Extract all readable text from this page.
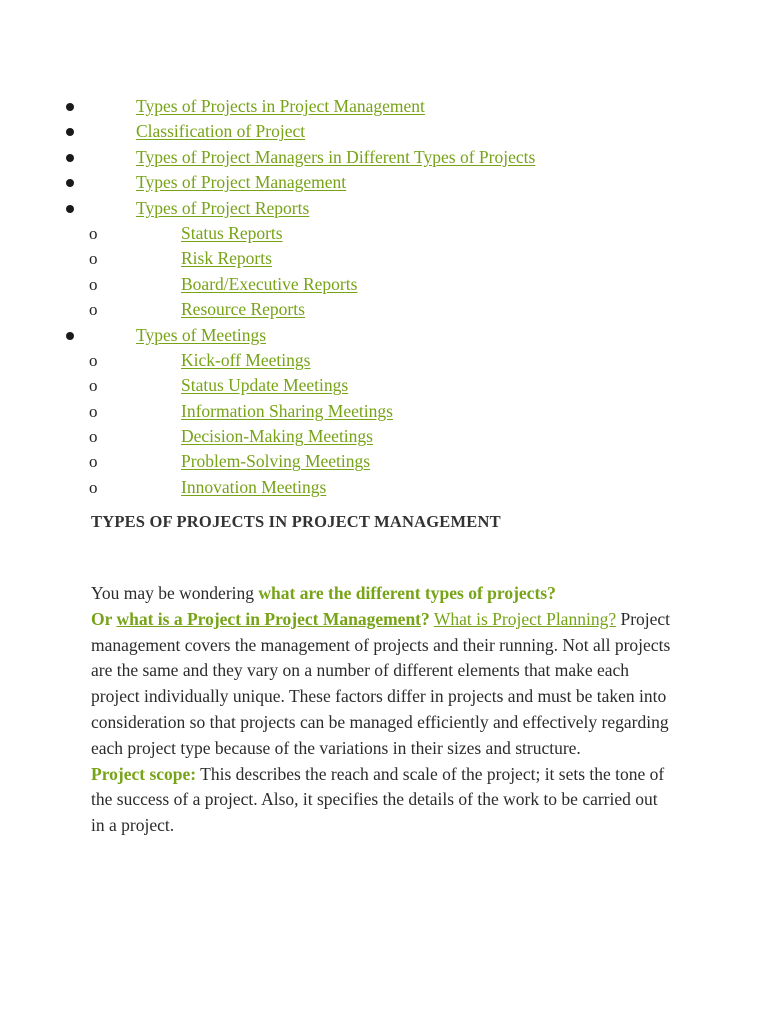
Types of Projects in Project Management
Classification of Project
Types of Project Managers in Different Types of Projects
Types of Project Management
Types of Project Reports
o	Status Reports
o	Risk Reports
o	Board/Executive Reports
o	Resource Reports
Types of Meetings
o	Kick-off Meetings
o	Status Update Meetings
o	Information Sharing Meetings
o	Decision-Making Meetings
o	Problem-Solving Meetings
o	Innovation Meetings
TYPES OF PROJECTS IN PROJECT MANAGEMENT
You may be wondering what are the different types of projects?
Or what is a Project in Project Management? What is Project Planning? Project management covers the management of projects and their running. Not all projects are the same and they vary on a number of different elements that make each project individually unique. These factors differ in projects and must be taken into consideration so that projects can be managed efficiently and effectively regarding each project type because of the variations in their sizes and structure.
Project scope: This describes the reach and scale of the project; it sets the tone of the success of a project. Also, it specifies the details of the work to be carried out in a project.
